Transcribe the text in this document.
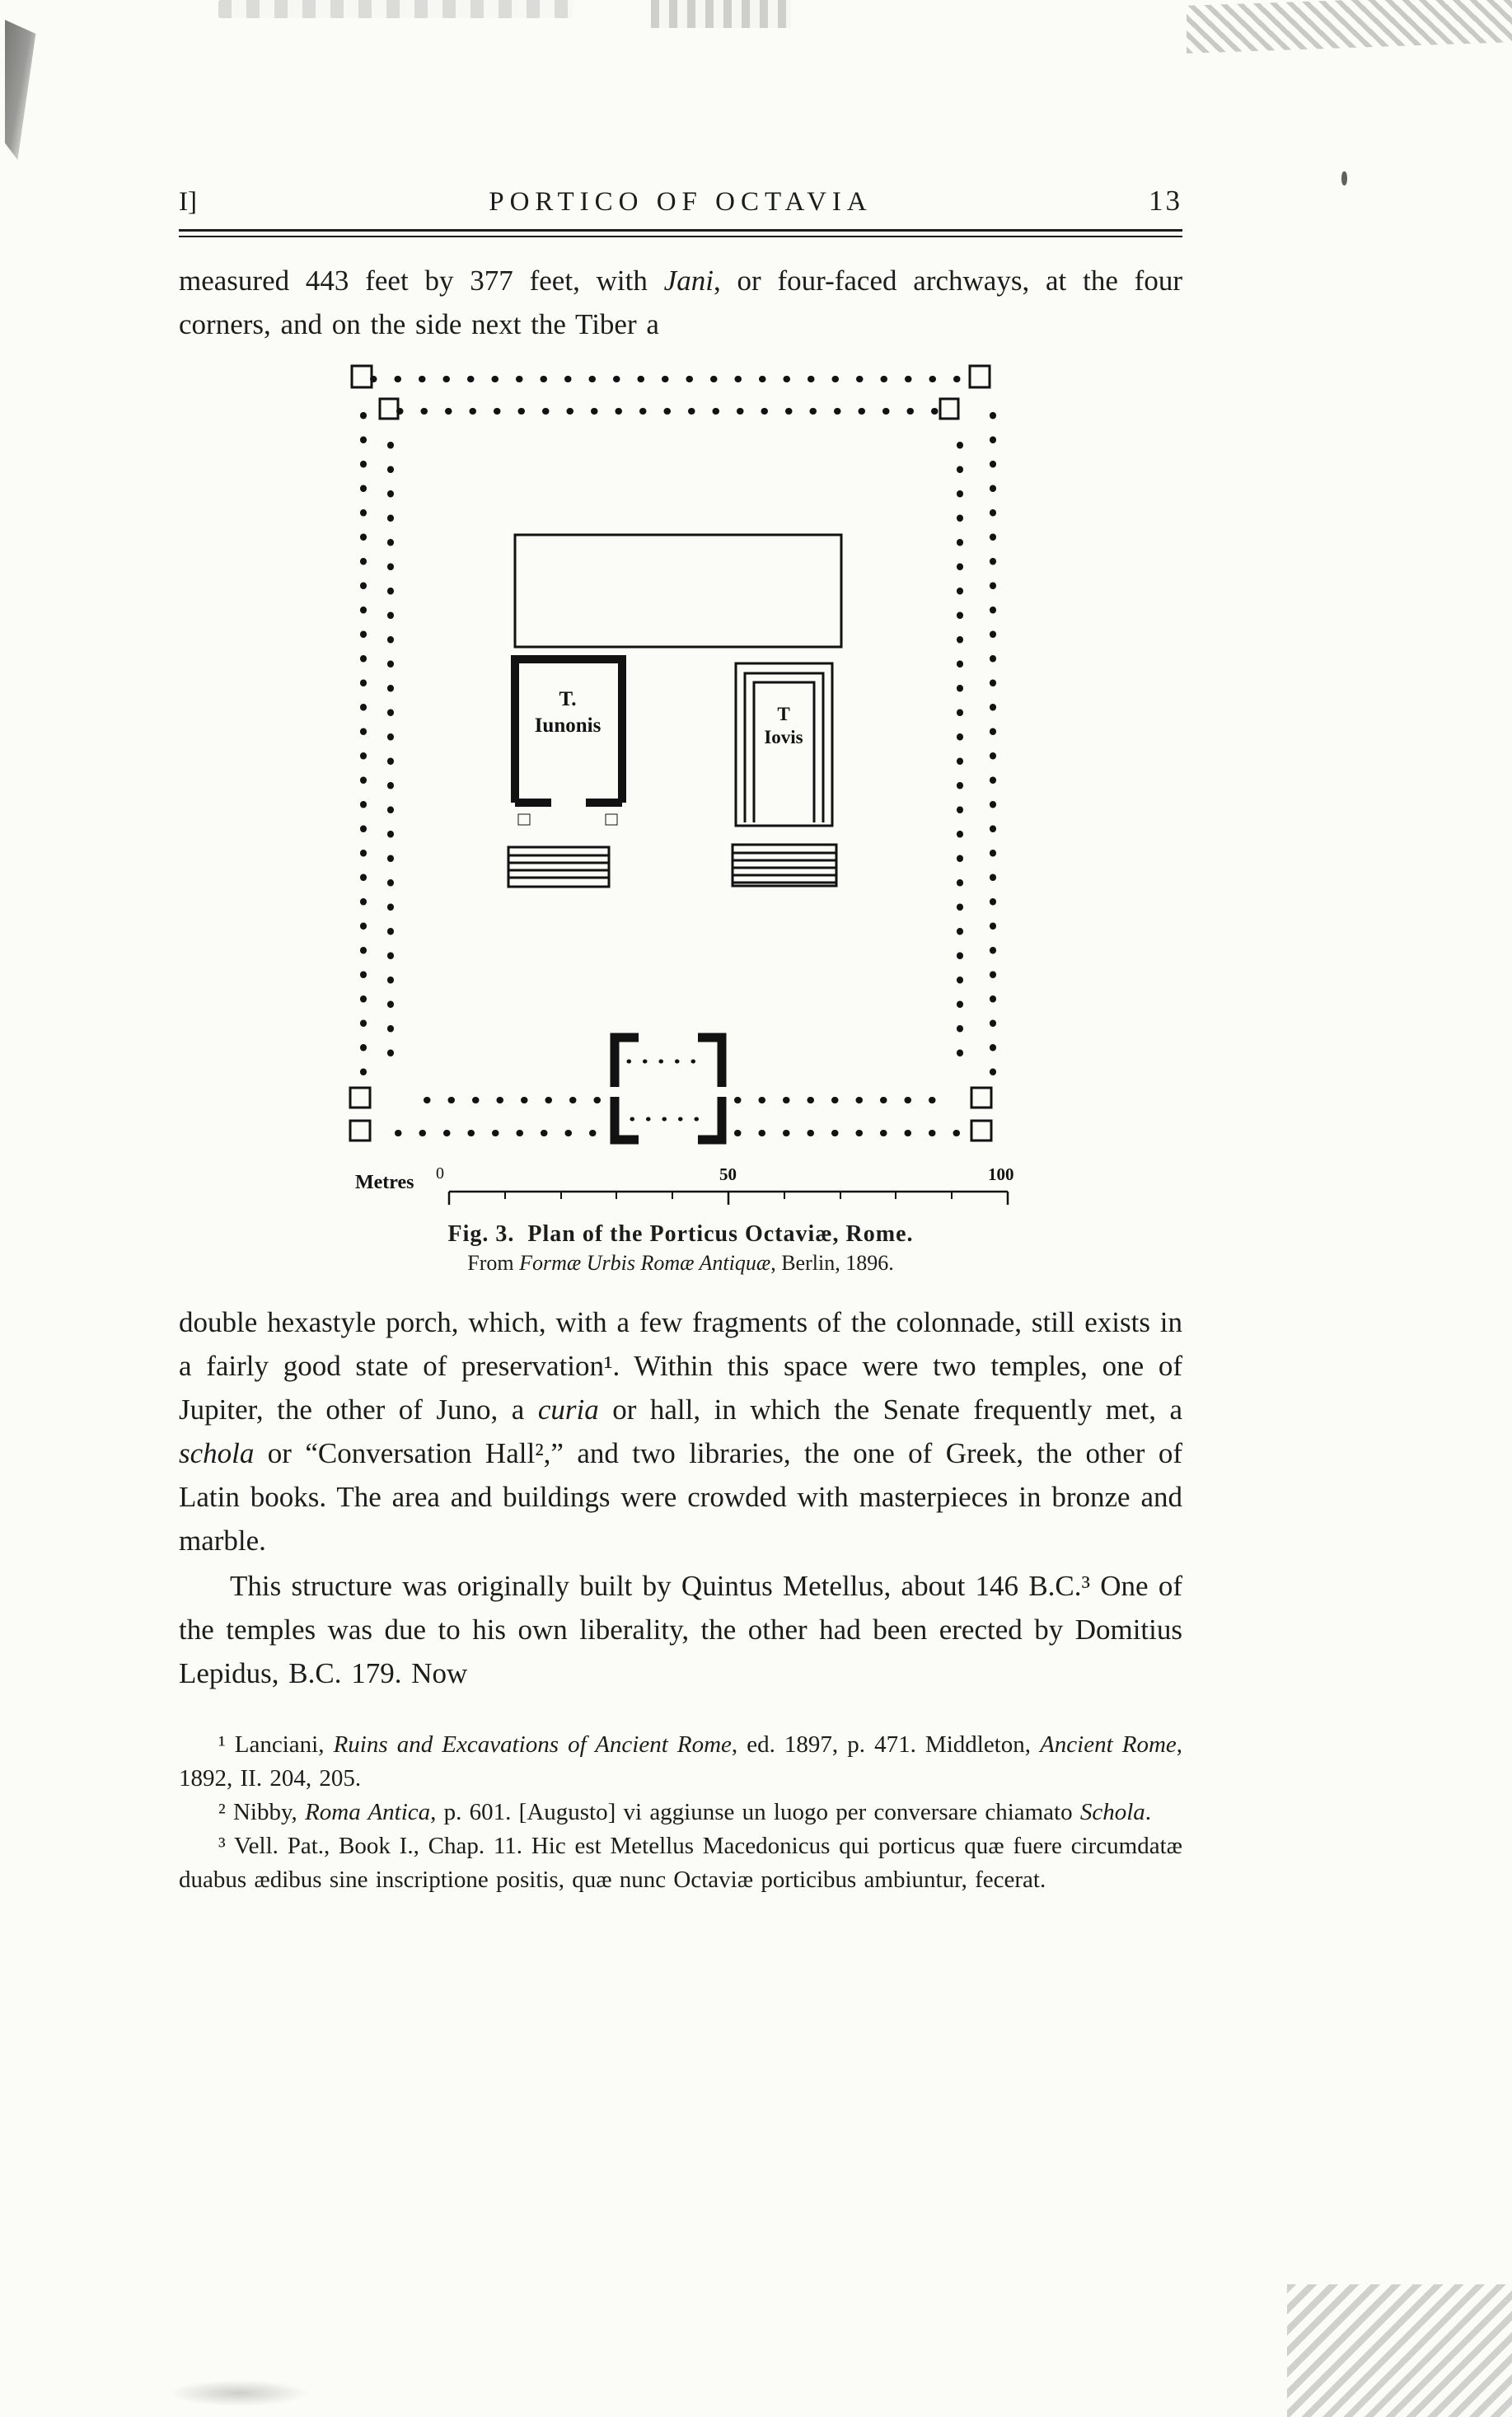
I]	PORTICO OF OCTAVIA	13

measured 443 feet by 377 feet, with Jani, or four-faced archways, at the four corners, and on the side next the Tiber a

T.
Iunonis
T
Iovis
Metres 0	50	100
Fig. 3. Plan of the Porticus Octaviæ, Rome.
From Formæ Urbis Romæ Antiquæ, Berlin, 1896.

double hexastyle porch, which, with a few fragments of the colonnade, still exists in a fairly good state of preservation¹. Within this space were two temples, one of Jupiter, the other of Juno, a curia or hall, in which the Senate frequently met, a schola or “Conversation Hall²,” and two libraries, the one of Greek, the other of Latin books. The area and buildings were crowded with masterpieces in bronze and marble.

This structure was originally built by Quintus Metellus, about 146 B.C.³ One of the temples was due to his own liberality, the other had been erected by Domitius Lepidus, B.C. 179. Now

¹ Lanciani, Ruins and Excavations of Ancient Rome, ed. 1897, p. 471. Middleton, Ancient Rome, 1892, II. 204, 205.

² Nibby, Roma Antica, p. 601. [Augusto] vi aggiunse un luogo per conversare chiamato Schola.

³ Vell. Pat., Book I., Chap. 11. Hic est Metellus Macedonicus qui porticus quæ fuere circumdatæ duabus ædibus sine inscriptione positis, quæ nunc Octaviæ porticibus ambiuntur, fecerat.
